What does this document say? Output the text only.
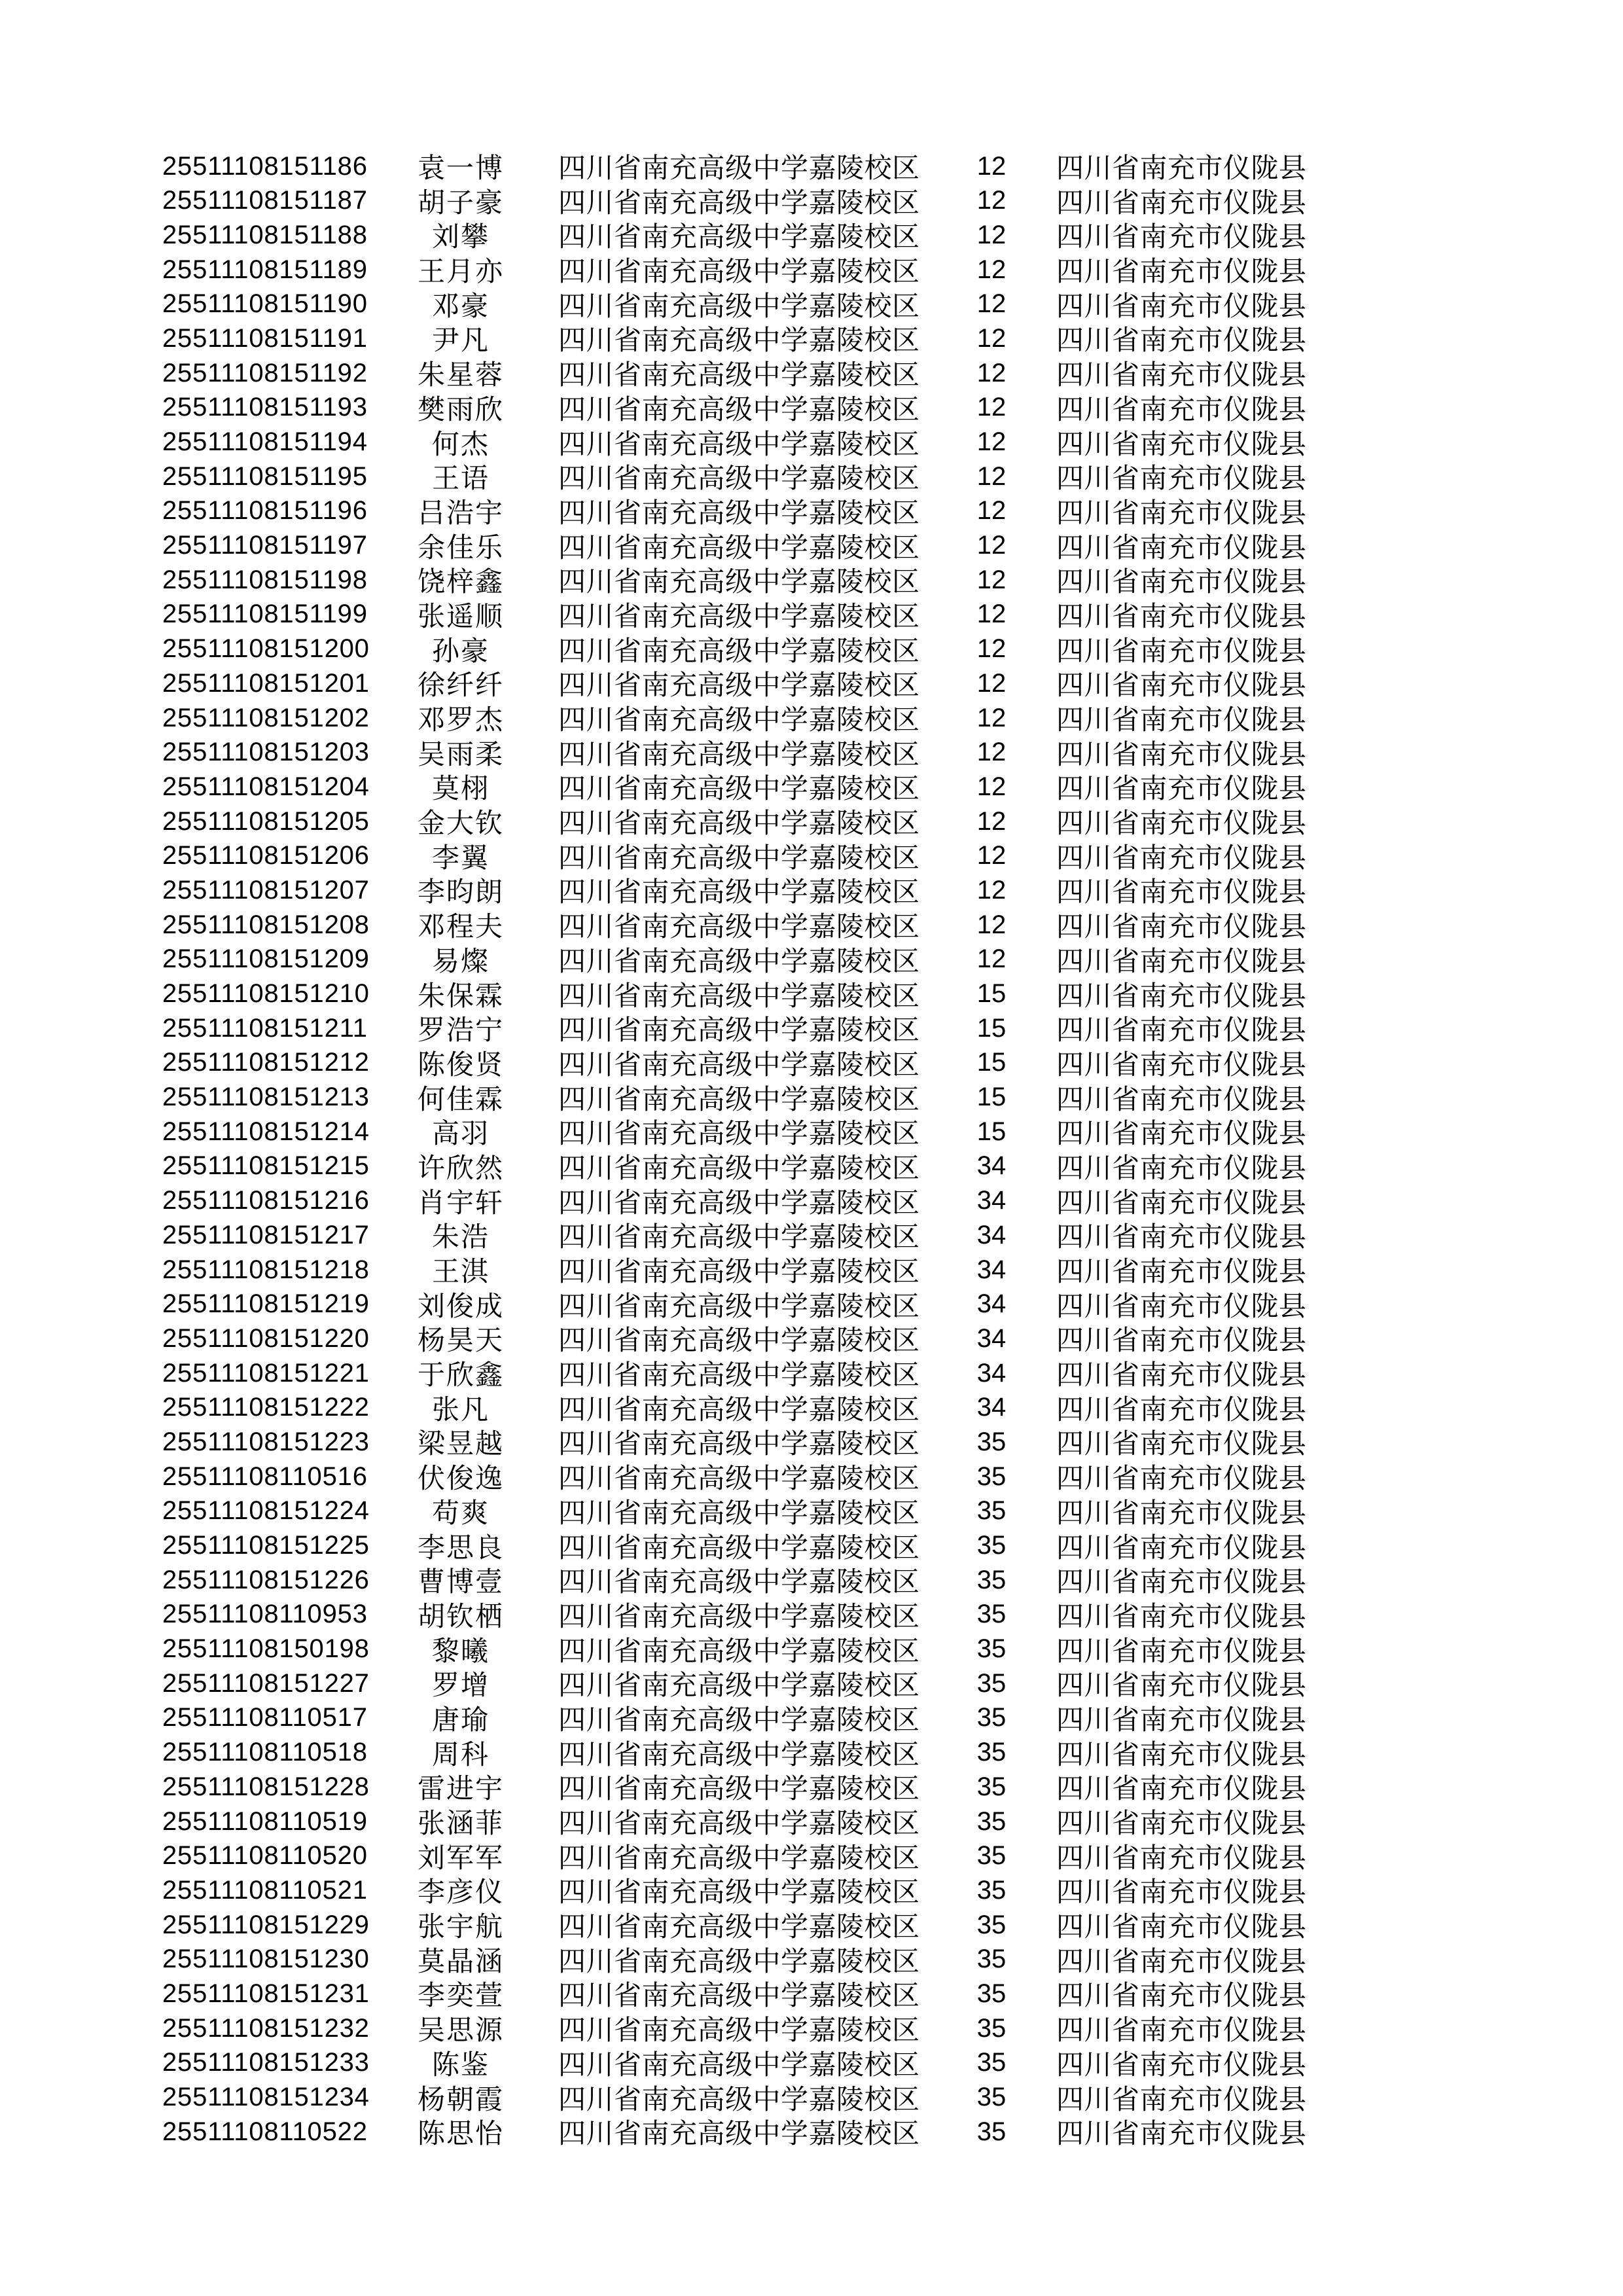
25511108151186	袁一博	四川省南充高级中学嘉陵校区	12	四川省南充市仪陇县
25511108151187	胡子豪	四川省南充高级中学嘉陵校区	12	四川省南充市仪陇县
25511108151188	刘攀	四川省南充高级中学嘉陵校区	12	四川省南充市仪陇县
25511108151189	王月亦	四川省南充高级中学嘉陵校区	12	四川省南充市仪陇县
25511108151190	邓豪	四川省南充高级中学嘉陵校区	12	四川省南充市仪陇县
25511108151191	尹凡	四川省南充高级中学嘉陵校区	12	四川省南充市仪陇县
25511108151192	朱星蓉	四川省南充高级中学嘉陵校区	12	四川省南充市仪陇县
25511108151193	樊雨欣	四川省南充高级中学嘉陵校区	12	四川省南充市仪陇县
25511108151194	何杰	四川省南充高级中学嘉陵校区	12	四川省南充市仪陇县
25511108151195	王语	四川省南充高级中学嘉陵校区	12	四川省南充市仪陇县
25511108151196	吕浩宇	四川省南充高级中学嘉陵校区	12	四川省南充市仪陇县
25511108151197	余佳乐	四川省南充高级中学嘉陵校区	12	四川省南充市仪陇县
25511108151198	饶梓鑫	四川省南充高级中学嘉陵校区	12	四川省南充市仪陇县
25511108151199	张遥顺	四川省南充高级中学嘉陵校区	12	四川省南充市仪陇县
25511108151200	孙豪	四川省南充高级中学嘉陵校区	12	四川省南充市仪陇县
25511108151201	徐纤纤	四川省南充高级中学嘉陵校区	12	四川省南充市仪陇县
25511108151202	邓罗杰	四川省南充高级中学嘉陵校区	12	四川省南充市仪陇县
25511108151203	吴雨柔	四川省南充高级中学嘉陵校区	12	四川省南充市仪陇县
25511108151204	莫栩	四川省南充高级中学嘉陵校区	12	四川省南充市仪陇县
25511108151205	金大钦	四川省南充高级中学嘉陵校区	12	四川省南充市仪陇县
25511108151206	李翼	四川省南充高级中学嘉陵校区	12	四川省南充市仪陇县
25511108151207	李昀朗	四川省南充高级中学嘉陵校区	12	四川省南充市仪陇县
25511108151208	邓程夫	四川省南充高级中学嘉陵校区	12	四川省南充市仪陇县
25511108151209	易燦	四川省南充高级中学嘉陵校区	12	四川省南充市仪陇县
25511108151210	朱保霖	四川省南充高级中学嘉陵校区	15	四川省南充市仪陇县
25511108151211	罗浩宁	四川省南充高级中学嘉陵校区	15	四川省南充市仪陇县
25511108151212	陈俊贤	四川省南充高级中学嘉陵校区	15	四川省南充市仪陇县
25511108151213	何佳霖	四川省南充高级中学嘉陵校区	15	四川省南充市仪陇县
25511108151214	高羽	四川省南充高级中学嘉陵校区	15	四川省南充市仪陇县
25511108151215	许欣然	四川省南充高级中学嘉陵校区	34	四川省南充市仪陇县
25511108151216	肖宇轩	四川省南充高级中学嘉陵校区	34	四川省南充市仪陇县
25511108151217	朱浩	四川省南充高级中学嘉陵校区	34	四川省南充市仪陇县
25511108151218	王淇	四川省南充高级中学嘉陵校区	34	四川省南充市仪陇县
25511108151219	刘俊成	四川省南充高级中学嘉陵校区	34	四川省南充市仪陇县
25511108151220	杨昊天	四川省南充高级中学嘉陵校区	34	四川省南充市仪陇县
25511108151221	于欣鑫	四川省南充高级中学嘉陵校区	34	四川省南充市仪陇县
25511108151222	张凡	四川省南充高级中学嘉陵校区	34	四川省南充市仪陇县
25511108151223	梁昱越	四川省南充高级中学嘉陵校区	35	四川省南充市仪陇县
25511108110516	伏俊逸	四川省南充高级中学嘉陵校区	35	四川省南充市仪陇县
25511108151224	苟爽	四川省南充高级中学嘉陵校区	35	四川省南充市仪陇县
25511108151225	李思良	四川省南充高级中学嘉陵校区	35	四川省南充市仪陇县
25511108151226	曹博壹	四川省南充高级中学嘉陵校区	35	四川省南充市仪陇县
25511108110953	胡钦栖	四川省南充高级中学嘉陵校区	35	四川省南充市仪陇县
25511108150198	黎曦	四川省南充高级中学嘉陵校区	35	四川省南充市仪陇县
25511108151227	罗增	四川省南充高级中学嘉陵校区	35	四川省南充市仪陇县
25511108110517	唐瑜	四川省南充高级中学嘉陵校区	35	四川省南充市仪陇县
25511108110518	周科	四川省南充高级中学嘉陵校区	35	四川省南充市仪陇县
25511108151228	雷进宇	四川省南充高级中学嘉陵校区	35	四川省南充市仪陇县
25511108110519	张涵菲	四川省南充高级中学嘉陵校区	35	四川省南充市仪陇县
25511108110520	刘军军	四川省南充高级中学嘉陵校区	35	四川省南充市仪陇县
25511108110521	李彦仪	四川省南充高级中学嘉陵校区	35	四川省南充市仪陇县
25511108151229	张宇航	四川省南充高级中学嘉陵校区	35	四川省南充市仪陇县
25511108151230	莫晶涵	四川省南充高级中学嘉陵校区	35	四川省南充市仪陇县
25511108151231	李奕萱	四川省南充高级中学嘉陵校区	35	四川省南充市仪陇县
25511108151232	吴思源	四川省南充高级中学嘉陵校区	35	四川省南充市仪陇县
25511108151233	陈鉴	四川省南充高级中学嘉陵校区	35	四川省南充市仪陇县
25511108151234	杨朝霞	四川省南充高级中学嘉陵校区	35	四川省南充市仪陇县
25511108110522	陈思怡	四川省南充高级中学嘉陵校区	35	四川省南充市仪陇县
